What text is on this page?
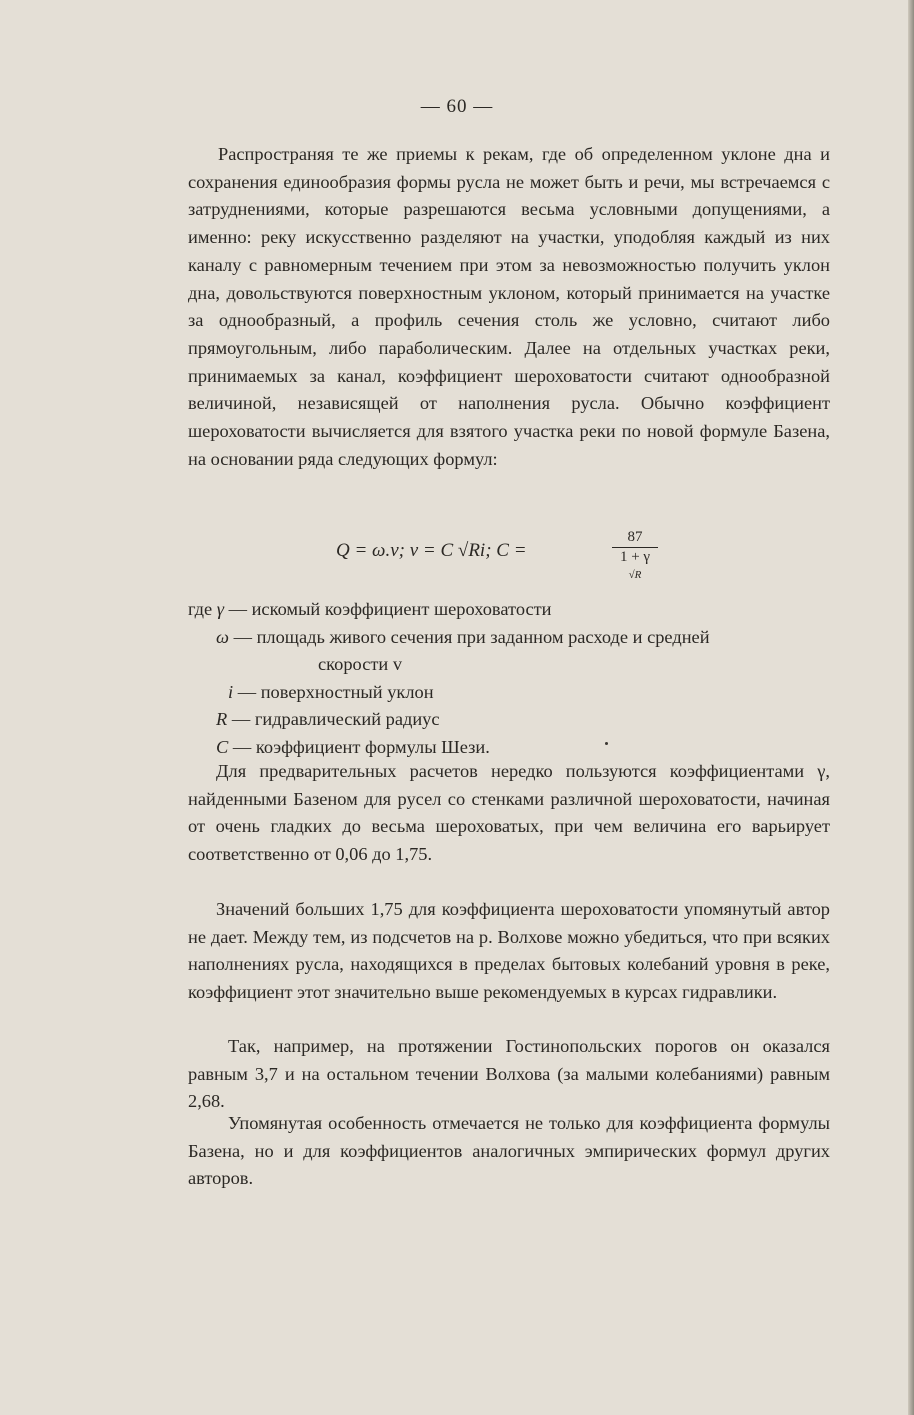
— 60 —
Распространяя те же приемы к рекам, где об определенном уклоне дна и сохранения единообразия формы русла не может быть и речи, мы встречаемся с затруднениями, которые разрешаются весьма условными допущениями, а именно: реку искусственно разделяют на участки, уподобляя каждый из них каналу с равномерным течением при этом за невозможностью получить уклон дна, довольствуются поверхностным уклоном, который принимается на участке за однообразный, а профиль сечения столь же условно, считают либо прямоугольным, либо параболическим. Далее на отдельных участках реки, принимаемых за канал, коэффициент шероховатости считают однообразной величиной, независящей от наполнения русла. Обычно коэффициент шероховатости вычисляется для взятого участка реки по новой формуле Базена, на основании ряда следующих формул:
Q = ω.v; v = C √Ri; C =
87
1 + γ
√R
где γ — искомый коэффициент шероховатости
ω — площадь живого сечения при заданном расходе и средней
скорости v
i — поверхностный уклон
R — гидравлический радиус
C — коэффициент формулы Шези.
Для предварительных расчетов нередко пользуются коэффициентами γ, найденными Базеном для русел со стенками различной шероховатости, начиная от очень гладких до весьма шероховатых, при чем величина его варьирует соответственно от 0,06 до 1,75.
Значений больших 1,75 для коэффициента шероховатости упомянутый автор не дает. Между тем, из подсчетов на р. Волхове можно убедиться, что при всяких наполнениях русла, находящихся в пределах бытовых колебаний уровня в реке, коэффициент этот значительно выше рекомендуемых в курсах гидравлики.
Так, например, на протяжении Гостинопольских порогов он оказался равным 3,7 и на остальном течении Волхова (за малыми колебаниями) равным 2,68.
Упомянутая особенность отмечается не только для коэффициента формулы Базена, но и для коэффициентов аналогичных эмпирических формул других авторов.
